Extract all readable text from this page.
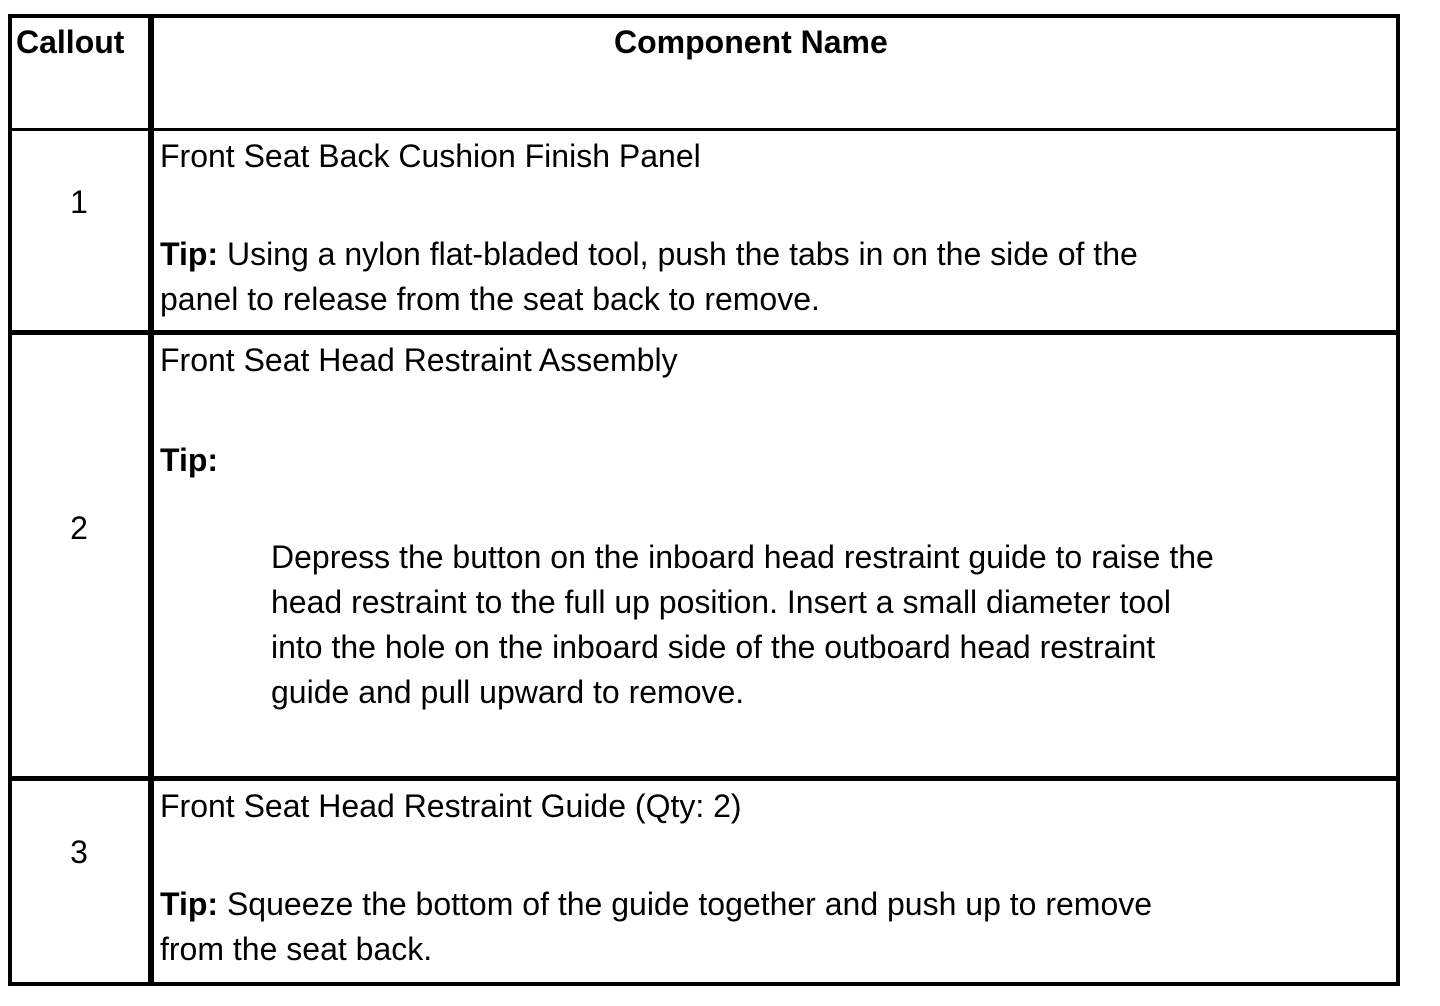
Callout	Component Name
1
Front Seat Back Cushion Finish Panel
Tip: Using a nylon flat-bladed tool, push the tabs in on the side of the
panel to release from the seat back to remove.
2
Front Seat Head Restraint Assembly
Tip:
Depress the button on the inboard head restraint guide to raise the
head restraint to the full up position. Insert a small diameter tool
into the hole on the inboard side of the outboard head restraint
guide and pull upward to remove.
3
Front Seat Head Restraint Guide (Qty: 2)
Tip: Squeeze the bottom of the guide together and push up to remove
from the seat back.
